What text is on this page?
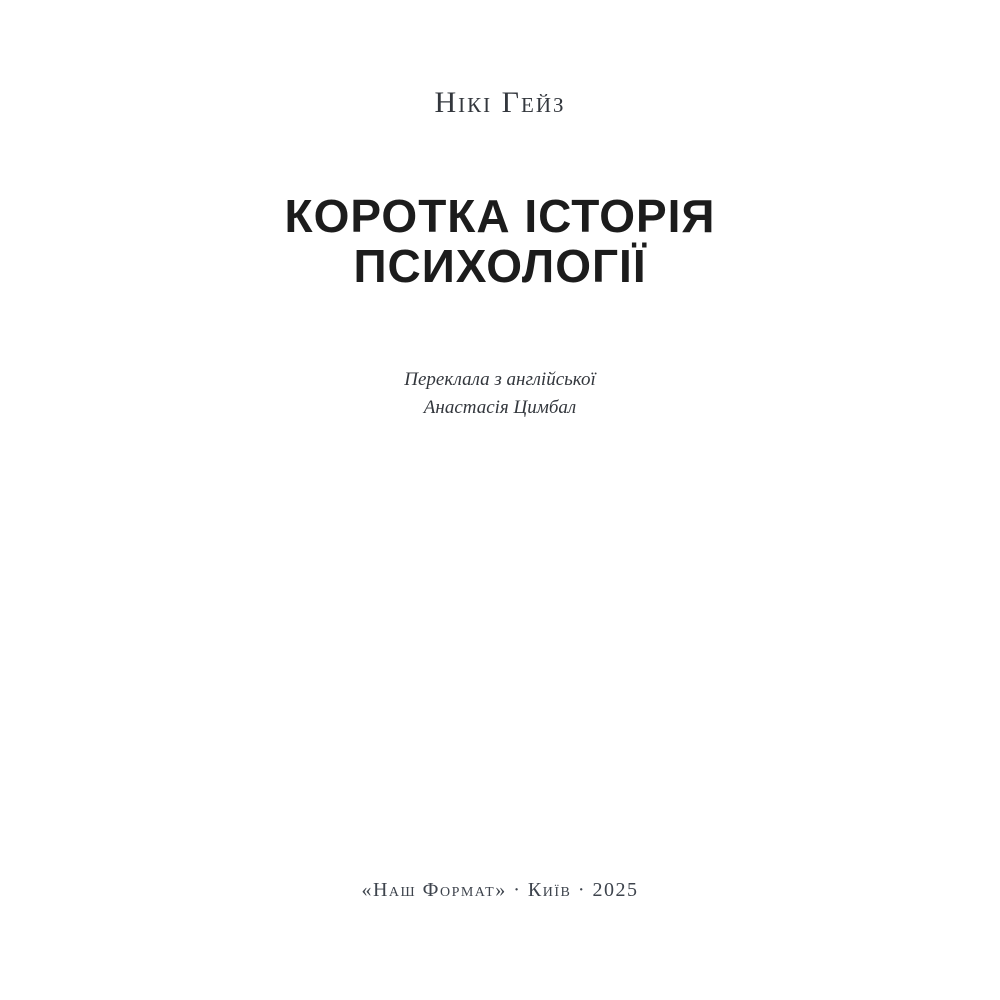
Нікі Гейз
КОРОТКА ІСТОРІЯ
ПСИХОЛОГІЇ
Переклала з англійської
Анастасія Цимбал
«Наш Формат» · Київ · 2025
